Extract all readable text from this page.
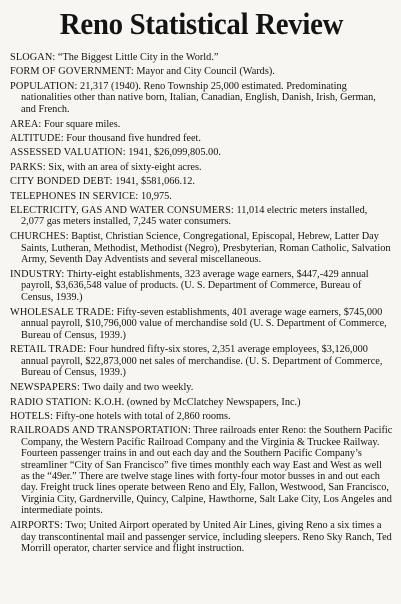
Reno Statistical Review

SLOGAN: “The Biggest Little City in the World.”

FORM OF GOVERNMENT: Mayor and City Council (Wards).

POPULATION: 21,317 (1940). Reno Township 25,000 estimated. Predominating nationalities other than native born, Italian, Canadian, English, Danish, Irish, German, and French.

AREA: Four square miles.

ALTITUDE: Four thousand five hundred feet.

ASSESSED VALUATION: 1941, $26,099,805.00.

PARKS: Six, with an area of sixty-eight acres.

CITY BONDED DEBT: 1941, $581,066.12.

TELEPHONES IN SERVICE: 10,975.

ELECTRICITY, GAS AND WATER CONSUMERS: 11,014 electric meters installed, 2,077 gas meters installed, 7,245 water consumers.

CHURCHES: Baptist, Christian Science, Congregational, Episcopal, Hebrew, Latter Day Saints, Lutheran, Methodist, Methodist (Negro), Presbyterian, Roman Catholic, Salvation Army, Seventh Day Adventists and several miscellaneous.

INDUSTRY: Thirty-eight establishments, 323 average wage earners, $447,-429 annual payroll, $3,636,548 value of products. (U. S. Department of Commerce, Bureau of Census, 1939.)

WHOLESALE TRADE: Fifty-seven establishments, 401 average wage earners, $745,000 annual payroll, $10,796,000 value of merchandise sold (U. S. Department of Commerce, Bureau of Census, 1939.)

RETAIL TRADE: Four hundred fifty-six stores, 2,351 average employees, $3,126,000 annual payroll, $22,873,000 net sales of merchandise. (U. S. Department of Commerce, Bureau of Census, 1939.)

NEWSPAPERS: Two daily and two weekly.

RADIO STATION: K.O.H. (owned by McClatchey Newspapers, Inc.)

HOTELS: Fifty-one hotels with total of 2,860 rooms.

RAILROADS AND TRANSPORTATION: Three railroads enter Reno: the Southern Pacific Company, the Western Pacific Railroad Company and the Virginia & Truckee Railway. Fourteen passenger trains in and out each day and the Southern Pacific Company’s streamliner “City of San Francisco” five times monthly each way East and West as well as the “49er.” There are twelve stage lines with forty-four motor busses in and out each day. Freight truck lines operate between Reno and Ely, Fallon, Westwood, San Francisco, Virginia City, Gardnerville, Quincy, Calpine, Hawthorne, Salt Lake City, Los Angeles and intermediate points.

AIRPORTS: Two; United Airport operated by United Air Lines, giving Reno a six times a day transcontinental mail and passenger service, including sleepers. Reno Sky Ranch, Ted Morrill operator, charter service and flight instruction.
